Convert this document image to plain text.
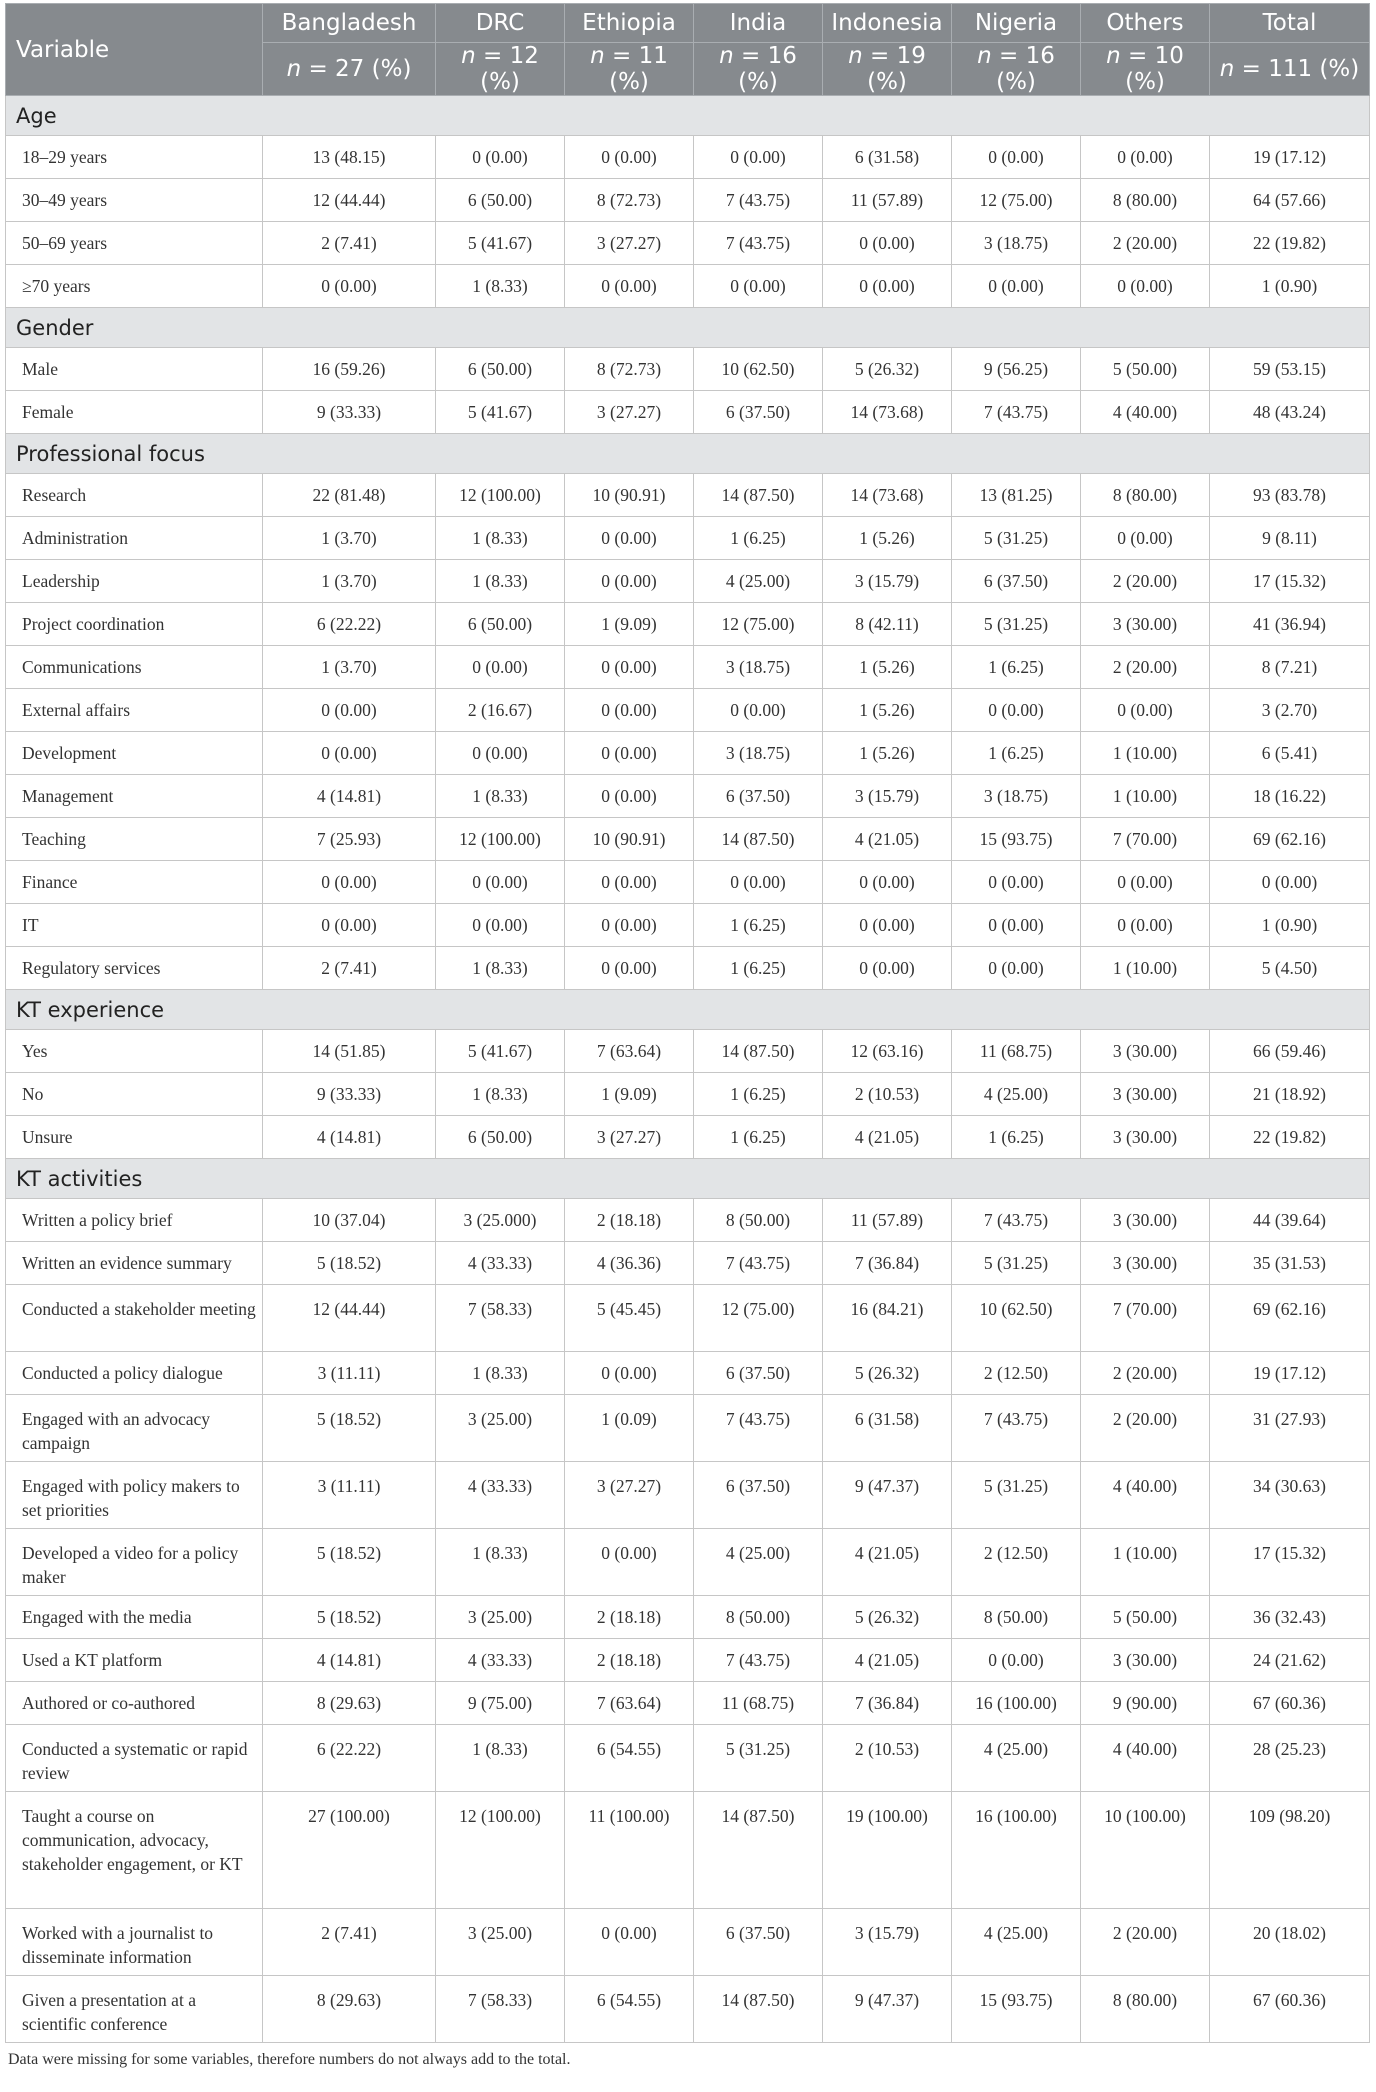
Variable	Bangladesh	DRC	Ethiopia	India	Indonesia	Nigeria	Others	Total
	n = 27 (%)	n = 12 (%)	n = 11 (%)	n = 16 (%)	n = 19 (%)	n = 16 (%)	n = 10 (%)	n = 111 (%)
Age								
18–29 years	13 (48.15)	0 (0.00)	0 (0.00)	0 (0.00)	6 (31.58)	0 (0.00)	0 (0.00)	19 (17.12)
30–49 years	12 (44.44)	6 (50.00)	8 (72.73)	7 (43.75)	11 (57.89)	12 (75.00)	8 (80.00)	64 (57.66)
50–69 years	2 (7.41)	5 (41.67)	3 (27.27)	7 (43.75)	0 (0.00)	3 (18.75)	2 (20.00)	22 (19.82)
≥70 years	0 (0.00)	1 (8.33)	0 (0.00)	0 (0.00)	0 (0.00)	0 (0.00)	0 (0.00)	1 (0.90)
Gender								
Male	16 (59.26)	6 (50.00)	8 (72.73)	10 (62.50)	5 (26.32)	9 (56.25)	5 (50.00)	59 (53.15)
Female	9 (33.33)	5 (41.67)	3 (27.27)	6 (37.50)	14 (73.68)	7 (43.75)	4 (40.00)	48 (43.24)
Professional focus								
Research	22 (81.48)	12 (100.00)	10 (90.91)	14 (87.50)	14 (73.68)	13 (81.25)	8 (80.00)	93 (83.78)
Administration	1 (3.70)	1 (8.33)	0 (0.00)	1 (6.25)	1 (5.26)	5 (31.25)	0 (0.00)	9 (8.11)
Leadership	1 (3.70)	1 (8.33)	0 (0.00)	4 (25.00)	3 (15.79)	6 (37.50)	2 (20.00)	17 (15.32)
Project coordination	6 (22.22)	6 (50.00)	1 (9.09)	12 (75.00)	8 (42.11)	5 (31.25)	3 (30.00)	41 (36.94)
Communications	1 (3.70)	0 (0.00)	0 (0.00)	3 (18.75)	1 (5.26)	1 (6.25)	2 (20.00)	8 (7.21)
External affairs	0 (0.00)	2 (16.67)	0 (0.00)	0 (0.00)	1 (5.26)	0 (0.00)	0 (0.00)	3 (2.70)
Development	0 (0.00)	0 (0.00)	0 (0.00)	3 (18.75)	1 (5.26)	1 (6.25)	1 (10.00)	6 (5.41)
Management	4 (14.81)	1 (8.33)	0 (0.00)	6 (37.50)	3 (15.79)	3 (18.75)	1 (10.00)	18 (16.22)
Teaching	7 (25.93)	12 (100.00)	10 (90.91)	14 (87.50)	4 (21.05)	15 (93.75)	7 (70.00)	69 (62.16)
Finance	0 (0.00)	0 (0.00)	0 (0.00)	0 (0.00)	0 (0.00)	0 (0.00)	0 (0.00)	0 (0.00)
IT	0 (0.00)	0 (0.00)	0 (0.00)	1 (6.25)	0 (0.00)	0 (0.00)	0 (0.00)	1 (0.90)
Regulatory services	2 (7.41)	1 (8.33)	0 (0.00)	1 (6.25)	0 (0.00)	0 (0.00)	1 (10.00)	5 (4.50)
KT experience								
Yes	14 (51.85)	5 (41.67)	7 (63.64)	14 (87.50)	12 (63.16)	11 (68.75)	3 (30.00)	66 (59.46)
No	9 (33.33)	1 (8.33)	1 (9.09)	1 (6.25)	2 (10.53)	4 (25.00)	3 (30.00)	21 (18.92)
Unsure	4 (14.81)	6 (50.00)	3 (27.27)	1 (6.25)	4 (21.05)	1 (6.25)	3 (30.00)	22 (19.82)
KT activities								
Written a policy brief	10 (37.04)	3 (25.000)	2 (18.18)	8 (50.00)	11 (57.89)	7 (43.75)	3 (30.00)	44 (39.64)
Written an evidence summary	5 (18.52)	4 (33.33)	4 (36.36)	7 (43.75)	7 (36.84)	5 (31.25)	3 (30.00)	35 (31.53)
Conducted a stakeholder meeting	12 (44.44)	7 (58.33)	5 (45.45)	12 (75.00)	16 (84.21)	10 (62.50)	7 (70.00)	69 (62.16)
Conducted a policy dialogue	3 (11.11)	1 (8.33)	0 (0.00)	6 (37.50)	5 (26.32)	2 (12.50)	2 (20.00)	19 (17.12)
Engaged with an advocacy campaign	5 (18.52)	3 (25.00)	1 (0.09)	7 (43.75)	6 (31.58)	7 (43.75)	2 (20.00)	31 (27.93)
Engaged with policy makers to set priorities	3 (11.11)	4 (33.33)	3 (27.27)	6 (37.50)	9 (47.37)	5 (31.25)	4 (40.00)	34 (30.63)
Developed a video for a policy maker	5 (18.52)	1 (8.33)	0 (0.00)	4 (25.00)	4 (21.05)	2 (12.50)	1 (10.00)	17 (15.32)
Engaged with the media	5 (18.52)	3 (25.00)	2 (18.18)	8 (50.00)	5 (26.32)	8 (50.00)	5 (50.00)	36 (32.43)
Used a KT platform	4 (14.81)	4 (33.33)	2 (18.18)	7 (43.75)	4 (21.05)	0 (0.00)	3 (30.00)	24 (21.62)
Authored or co-authored	8 (29.63)	9 (75.00)	7 (63.64)	11 (68.75)	7 (36.84)	16 (100.00)	9 (90.00)	67 (60.36)
Conducted a systematic or rapid review	6 (22.22)	1 (8.33)	6 (54.55)	5 (31.25)	2 (10.53)	4 (25.00)	4 (40.00)	28 (25.23)
Taught a course on communication, advocacy, stakeholder engagement, or KT	27 (100.00)	12 (100.00)	11 (100.00)	14 (87.50)	19 (100.00)	16 (100.00)	10 (100.00)	109 (98.20)
Worked with a journalist to disseminate information	2 (7.41)	3 (25.00)	0 (0.00)	6 (37.50)	3 (15.79)	4 (25.00)	2 (20.00)	20 (18.02)
Given a presentation at a scientific conference	8 (29.63)	7 (58.33)	6 (54.55)	14 (87.50)	9 (47.37)	15 (93.75)	8 (80.00)	67 (60.36)
Data were missing for some variables, therefore numbers do not always add to the total.
